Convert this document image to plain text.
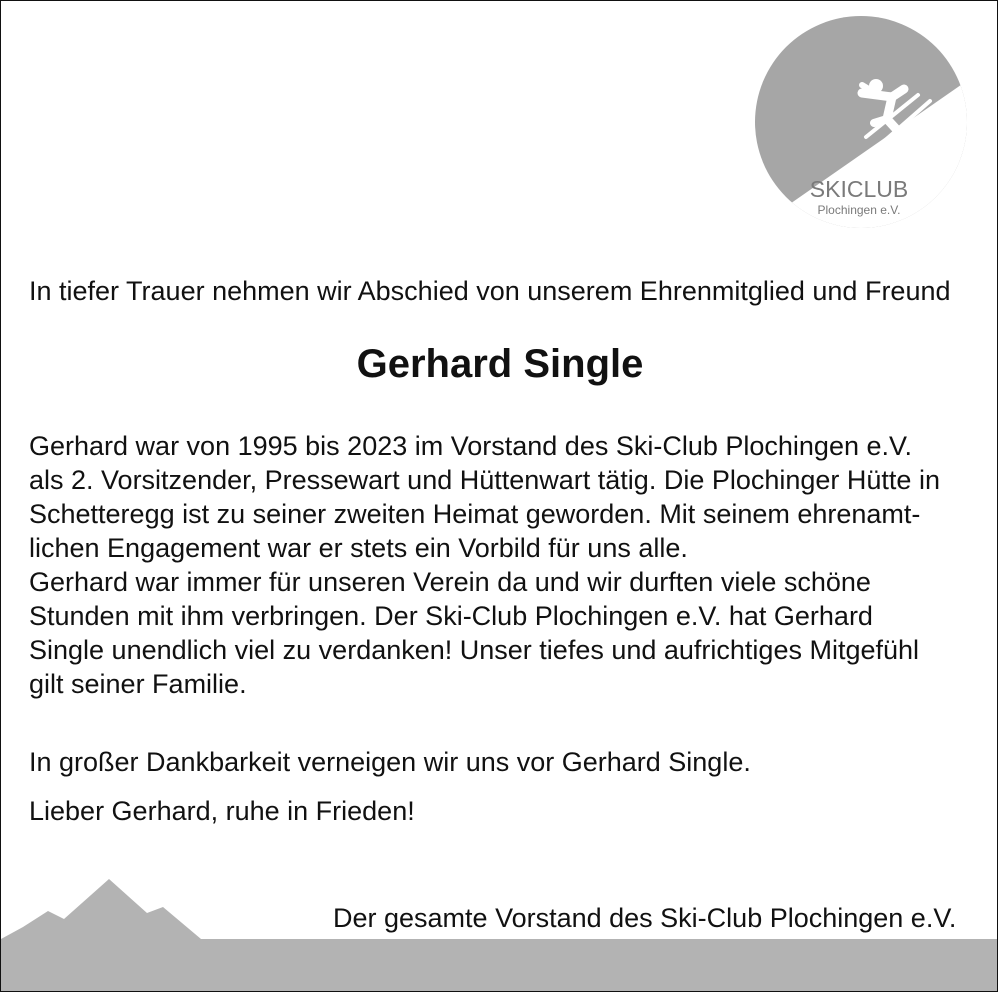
SKICLUB
Plochingen e.V.

In tiefer Trauer nehmen wir Abschied von unserem Ehrenmitglied und Freund

Gerhard Single
Gerhard war von 1995 bis 2023 im Vorstand des Ski-Club Plochingen e.V.
als 2. Vorsitzender, Pressewart und Hüttenwart tätig. Die Plochinger Hütte in
Schetteregg ist zu seiner zweiten Heimat geworden. Mit seinem ehrenamt-
lichen Engagement war er stets ein Vorbild für uns alle.
Gerhard war immer für unseren Verein da und wir durften viele schöne
Stunden mit ihm verbringen. Der Ski-Club Plochingen e.V. hat Gerhard
Single unendlich viel zu verdanken! Unser tiefes und aufrichtiges Mitgefühl
gilt seiner Familie.

In großer Dankbarkeit verneigen wir uns vor Gerhard Single.

Lieber Gerhard, ruhe in Frieden!

Der gesamte Vorstand des Ski-Club Plochingen e.V.
